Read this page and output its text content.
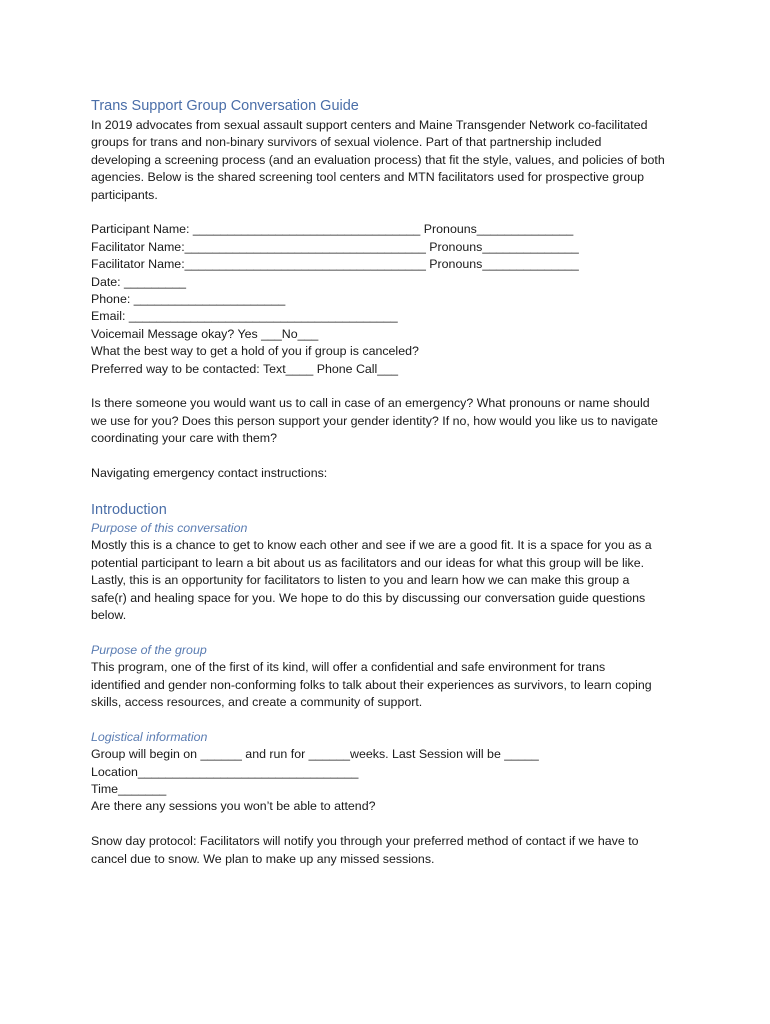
Trans Support Group Conversation Guide

In 2019 advocates from sexual assault support centers and Maine Transgender Network co-facilitated

groups for trans and non-binary survivors of sexual violence. Part of that partnership included

developing a screening process (and an evaluation process) that fit the style, values, and policies of both

agencies. Below is the shared screening tool centers and MTN facilitators used for prospective group

participants.

Participant Name: _________________________________ Pronouns______________

Facilitator Name:___________________________________ Pronouns______________

Facilitator Name:___________________________________ Pronouns______________

Date: _________

Phone: ______________________

Email: _______________________________________

Voicemail Message okay? Yes ___No___

What the best way to get a hold of you if group is canceled?

Preferred way to be contacted: Text____ Phone Call___

Is there someone you would want us to call in case of an emergency? What pronouns or name should

we use for you? Does this person support your gender identity? If no, how would you like us to navigate

coordinating your care with them?

Navigating emergency contact instructions:

Introduction

Purpose of this conversation

Mostly this is a chance to get to know each other and see if we are a good fit. It is a space for you as a

potential participant to learn a bit about us as facilitators and our ideas for what this group will be like.

Lastly, this is an opportunity for facilitators to listen to you and learn how we can make this group a

safe(r) and healing space for you. We hope to do this by discussing our conversation guide questions

below.

Purpose of the group

This program, one of the first of its kind, will offer a confidential and safe environment for trans

identified and gender non-conforming folks to talk about their experiences as survivors, to learn coping

skills, access resources, and create a community of support.

Logistical information

Group will begin on ______ and run for ______weeks. Last Session will be _____

Location________________________________

Time_______

Are there any sessions you won’t be able to attend?

Snow day protocol: Facilitators will notify you through your preferred method of contact if we have to

cancel due to snow. We plan to make up any missed sessions.
